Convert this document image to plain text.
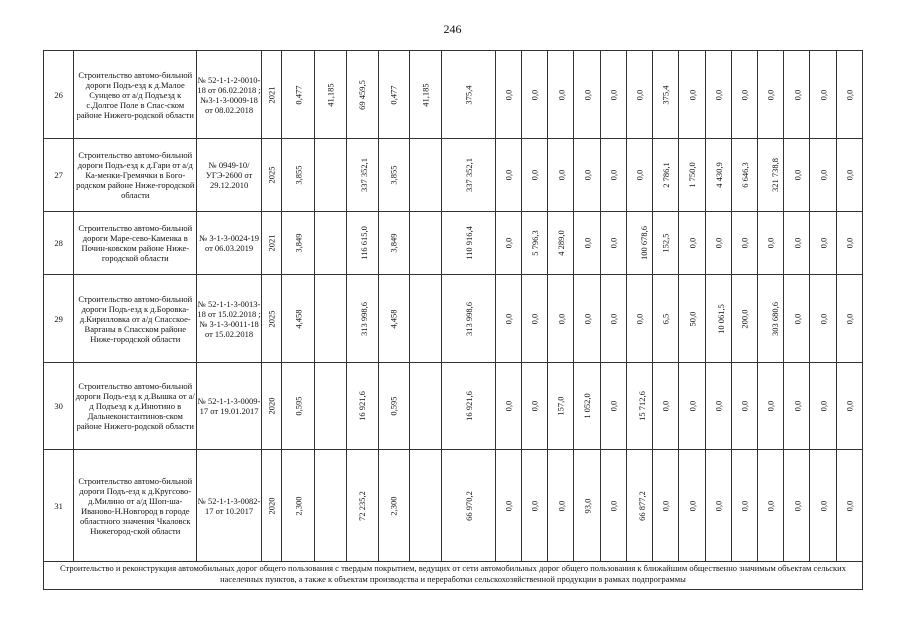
246
26	Строительство автомо-бильной дороги Подъ-езд к д.Малое Сунцево от а/д Подъезд к с.Долгое Поле в Спас-ском районе Нижего-родской области	№ 52-1-1-2-0010-18 от 06.02.2018 ; №3-1-3-0009-18 от 08.02.2018	2021	0,477	41,185	69 459,5	0,477	41,185	375,4	0,0	0,0	0,0	0,0	0,0	0,0	375,4	0,0	0,0	0,0	0,0	0,0	0,0	0,0
27	Строительство автомо-бильной дороги Подъ-езд к д.Гари от а/д Ка-менки-Гремячки в Бого-родском районе Ниже-городской области	№ 0949-10/УГЭ-2600 от 29.12.2010	2025	3,855		337 352,1	3,855		337 352,1	0,0	0,0	0,0	0,0	0,0	0,0	2 786,1	1 750,0	4 430,9	6 646,3	321 738,8	0,0	0,0	0,0
28	Строительство автомо-бильной дороги Маре-сево-Каменка в Почин-ковском районе Ниже-городской области	№ 3-1-3-0024-19 от 06.03.2019	2021	3,849		116 615,0	3,849		110 916,4	0,0	5 796,3	4 289,0	0,0	0,0	100 678,6	152,5	0,0	0,0	0,0	0,0	0,0	0,0	0,0
29	Строительство автомо-бильной дороги Подъ-езд к д.Боровка-д.Кирилловка от а/д Спасское-Варганы в Спасском районе Ниже-городской области	№ 52-1-1-3-0013-18 от 15.02.2018 ; № 3-1-3-0011-18 от 15.02.2018	2025	4,458		313 998,6	4,458		313 998,6	0,0	0,0	0,0	0,0	0,0	0,0	6,5	50,0	10 061,5	200,0	303 680,6	0,0	0,0	0,0
30	Строительство автомо-бильной дороги Подъ-езд к д.Вышка от а/д Подъезд к д.Инютино в Дальнеконстантинов-ском районе Нижего-родской области	№ 52-1-1-3-0009-17 от 19.01.2017	2020	0,595		16 921,6	0,595		16 921,6	0,0	0,0	157,0	1 052,0	0,0	15 712,6	0,0	0,0	0,0	0,0	0,0	0,0	0,0	0,0
31	Строительство автомо-бильной дороги Подъ-езд к д.Кругсово-д.Милино от а/д Шоп-ша-Иваново-Н.Новгород в городе областного значения Чкаловск Нижегород-ской области	№ 52-1-1-3-0082-17 от 10.2017	2020	2,300		72 235,2	2,300		66 970,2	0,0	0,0	0,0	93,0	0,0	66 877,2	0,0	0,0	0,0	0,0	0,0	0,0	0,0	0,0
Строительство и реконструкция автомобильных дорог общего пользования с твердым покрытием, ведущих от сети автомобильных дорог общего пользования к ближайшим общественно значимым объектам сельских населенных пунктов, а также к объектам производства и переработки сельскохозяйственной продукции в рамках подпрограммы																							
